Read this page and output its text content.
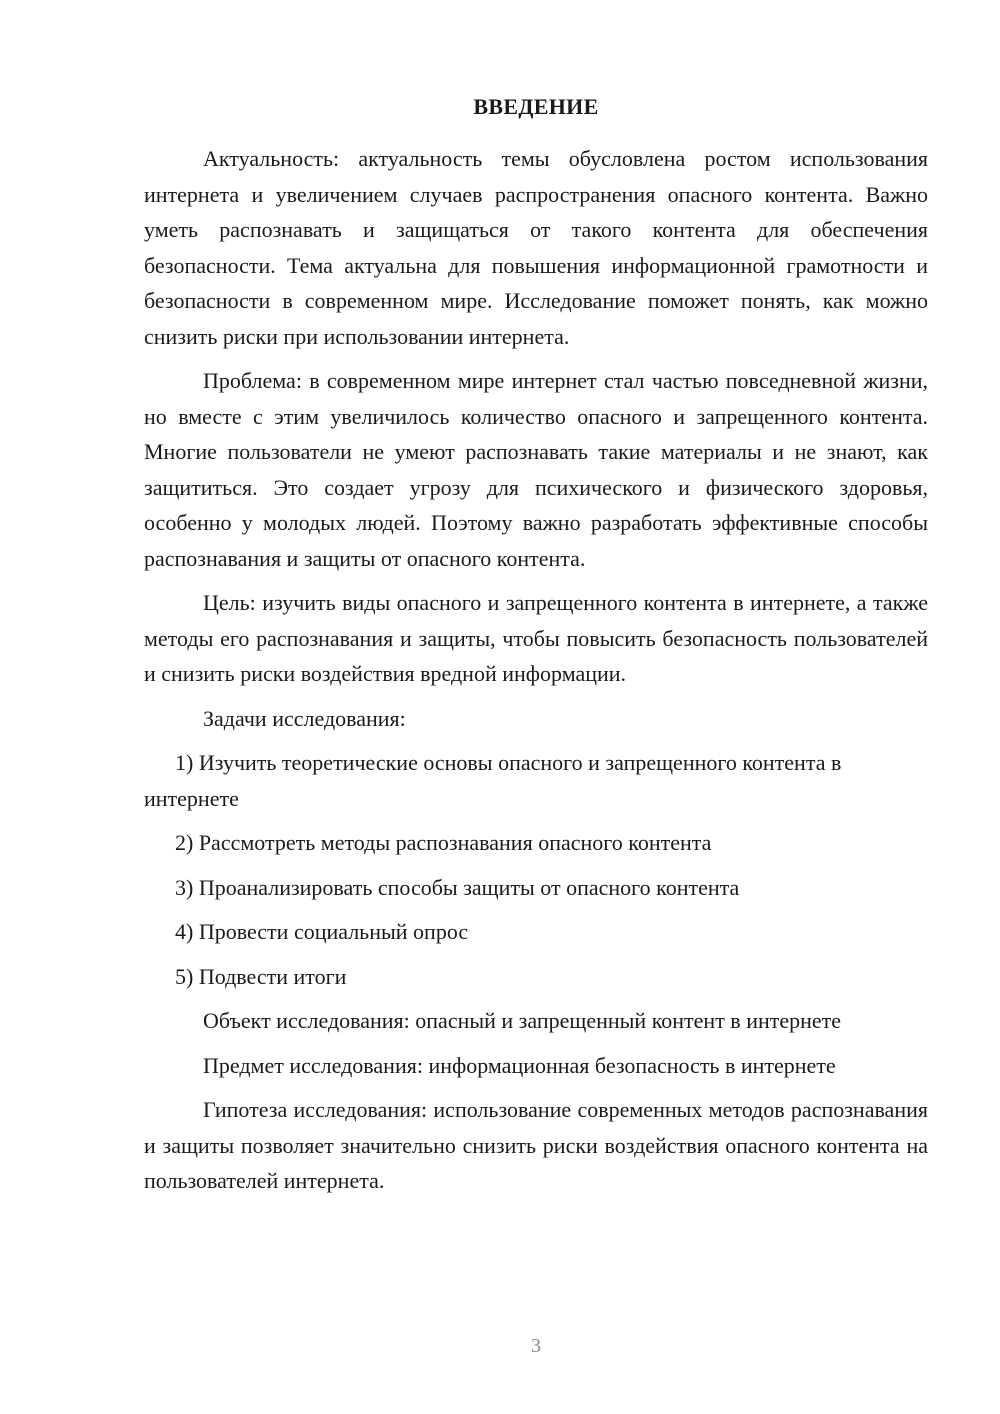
ВВЕДЕНИЕ

Актуальность: актуальность темы обусловлена ростом использования интернета и увеличением случаев распространения опасного контента. Важно уметь распознавать и защищаться от такого контента для обеспечения безопасности. Тема актуальна для повышения информационной грамотности и безопасности в современном мире. Исследование поможет понять, как можно снизить риски при использовании интернета.

Проблема: в современном мире интернет стал частью повседневной жизни, но вместе с этим увеличилось количество опасного и запрещенного контента. Многие пользователи не умеют распознавать такие материалы и не знают, как защититься. Это создает угрозу для психического и физического здоровья, особенно у молодых людей. Поэтому важно разработать эффективные способы распознавания и защиты от опасного контента.

Цель: изучить виды опасного и запрещенного контента в интернете, а также методы его распознавания и защиты, чтобы повысить безопасность пользователей и снизить риски воздействия вредной информации.

Задачи исследования:

1) Изучить теоретические основы опасного и запрещенного контента в интернете

2) Рассмотреть методы распознавания опасного контента

3) Проанализировать способы защиты от опасного контента

4) Провести социальный опрос

5) Подвести итоги

Объект исследования: опасный и запрещенный контент в интернете

Предмет исследования: информационная безопасность в интернете

Гипотеза исследования: использование современных методов распознавания и защиты позволяет значительно снизить риски воздействия опасного контента на пользователей интернета.

3
